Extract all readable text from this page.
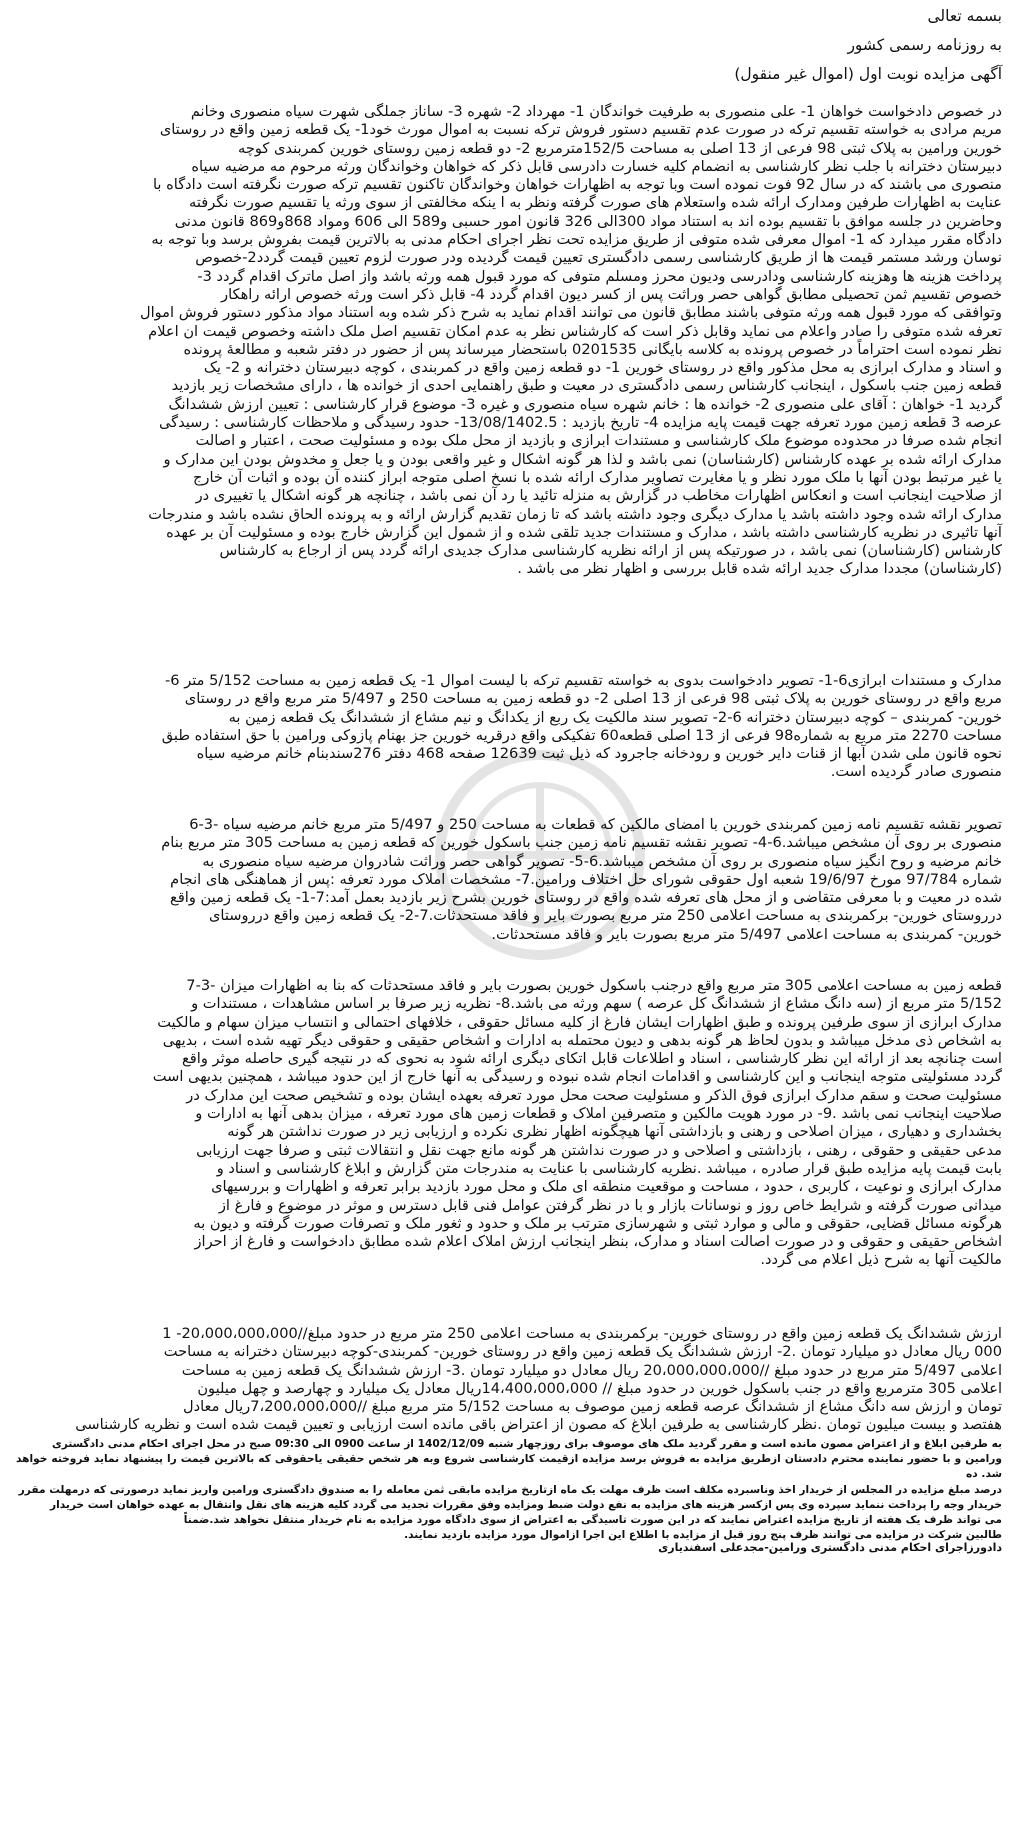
بسمه تعالی
به روزنامه رسمی کشور
آگهی مزایده نوبت اول (اموال غیر منقول)
در خصوص دادخواست خواهان 1- علی منصوری به طرفیت خواندگان 1- مهرداد 2- شهره 3- ساناز جملگی شهرت سیاه منصوری وخانم
مریم مرادی به خواسته تقسیم ترکه در صورت عدم تقسیم دستور فروش ترکه نسبت به اموال مورث خود1- یک قطعه زمین واقع در روستای
خورین ورامین به پلاک ثبتی 98 فرعی از 13 اصلی به مساحت 152/5مترمربع 2- دو قطعه زمین روستای خورین کمربندی کوچه
دبیرستان دخترانه با جلب نظر کارشناسی به انضمام کلیه خسارت دادرسی قابل ذکر که خواهان وخواندگان ورثه مرحوم مه مرضیه سیاه
منصوری می باشند که در سال 92 فوت نموده است وبا توجه به اظهارات خواهان وخواندگان تاکنون تقسیم ترکه صورت نگرفته است دادگاه با
عنایت به اظهارات طرفین ومدارک ارائه شده واستعلام های صورت گرفته ونظر به ا ینکه مخالفتی از سوی ورثه یا تقسیم صورت نگرفته
وحاضرین در جلسه موافق با تقسیم بوده اند به استناد مواد 300الی 326 قانون امور حسبی و589 الی 606 ومواد 868و869 قانون مدنی
دادگاه مقرر میدارد که 1- اموال معرفی شده متوفی از طریق مزایده تحت نظر اجرای احکام مدنی به بالاترین قیمت بفروش برسد وبا توجه به
نوسان ورشد مستمر قیمت ها از طریق کارشناسی رسمی دادگستری تعیین قیمت گردیده ودر صورت لزوم تعیین قیمت گردد2-خصوص
پرداخت هزینه ها وهزینه کارشناسی ودادرسی ودیون محرز ومسلم متوفی که مورد قبول همه ورثه باشد واز اصل ماترک اقدام گردد 3-
خصوص تقسیم ثمن تحصیلی مطابق گواهی حصر وراثت پس از کسر دیون اقدام گردد 4- قابل ذکر است ورثه خصوص ارائه راهکار
وتوافقی که مورد قبول همه ورثه متوفی باشند مطابق قانون می توانند اقدام نماید به شرح ذکر شده وبه استناد مواد مذکور دستور فروش اموال
تعرفه شده متوفی را صادر واعلام می نماید وقابل ذکر است که کارشناس نظر به عدم امکان تقسیم اصل ملک داشته وخصوص قیمت ان اعلام
نظر نموده است احتراماً در خصوص پرونده به کلاسه بایگانی 0201535 باستحضار میرساند پس از حضور در دفتر شعبه و مطالعهٔ پرونده
و اسناد و مدارک ابرازی به محل مذکور واقع در روستای خورین 1- دو قطعه زمین واقع در کمربندی ، کوچه دبیرستان دخترانه و 2- یک
قطعه زمین جنب باسکول ، اینجانب کارشناس رسمی دادگستری در معیت و طبق راهنمایی احدی از خوانده ها ، دارای مشخصات زیر بازدید
گردید 1- خواهان : آقای علی منصوری 2- خوانده ها : خانم شهره سیاه منصوری و غیره 3- موضوع قرار کارشناسی : تعیین ارزش ششدانگ
عرصه 3 قطعه زمین مورد تعرفه جهت قیمت پایه مزایده 4- تاریخ بازدید : 13/08/1402.5- حدود رسیدگی و ملاحظات کارشناسی : رسیدگی
انجام شده صرفا در محدوده موضوع ملک کارشناسی و مستندات ابرازی و بازدید از محل ملک بوده و مسئولیت صحت ، اعتبار و اصالت
مدارک ارائه شده بر عهده کارشناس (کارشناسان) نمی باشد و لذا هر گونه اشکال و غیر واقعی بودن و یا جعل و مخدوش بودن این مدارک و
یا غیر مرتبط بودن آنها با ملک مورد نظر و یا مغایرت تصاویر مدارک ارائه شده با نسخ اصلی متوجه ابراز کننده آن بوده و اثبات آن خارج
از صلاحیت اینجانب است و انعکاس اظهارات مخاطب در گزارش به منزله تائید یا رد آن نمی باشد ، چنانچه هر گونه اشکال یا تغییری در
مدارک ارائه شده وجود داشته باشد یا مدارک دیگری وجود داشته باشد که تا زمان تقدیم گزارش ارائه و به پرونده الحاق نشده باشد و مندرجات
آنها تاثیری در نظریه کارشناسی داشته باشد ، مدارک و مستندات جدید تلقی شده و از شمول این گزارش خارج بوده و مسئولیت آن بر عهده
کارشناس (کارشناسان) نمی باشد ، در صورتیکه پس از ارائه نظریه کارشناسی مدارک جدیدی ارائه گردد پس از ارجاع به کارشناس
(کارشناسان) مجددا مدارک جدید ارائه شده قابل بررسی و اظهار نظر می باشد .
مدارک و مستندات ابرازی6-1- تصویر دادخواست بدوی به خواسته تقسیم ترکه با لیست اموال 1- یک قطعه زمین به مساحت 5/152 متر 6-
مربع واقع در روستای خورین به پلاک ثبتی 98 فرعی از 13 اصلی 2- دو قطعه زمین به مساحت 250 و 5/497 متر مربع واقع در روستای
خورین- کمربندی – کوچه دبیرستان دخترانه 6-2- تصویر سند مالکیت یک ربع از یکدانگ و نیم مشاع از ششدانگ یک قطعه زمین به
مساحت 2270 متر مربع به شماره98 فرعی از 13 اصلی قطعه60 تفکیکی واقع درقریه خورین جز بهنام پازوکی ورامین با حق استفاده طبق
نحوه قانون ملی شدن آبها از قنات دایر خورین و رودخانه جاجرود که ذیل ثبت 12639 صفحه 468 دفتر 276سندبنام خانم مرضیه سیاه
منصوری صادر گردیده است.
تصویر نقشه تقسیم نامه زمین کمربندی خورین با امضای مالکین که قطعات به مساحت 250 و 5/497 متر مربع خانم مرضیه سیاه -3-6
منصوری بر روی آن مشخص میباشد.6-4- تصویر نقشه تقسیم نامه زمین جنب باسکول خورین که قطعه زمین به مساحت 305 متر مربع بنام
خانم مرضیه و روح انگیز سیاه منصوری بر روی آن مشخص میباشد.6-5- تصویر گواهی حصر وراثت شادروان مرضیه سیاه منصوری به
شماره 97/784 مورخ 19/6/97 شعبه اول حقوقی شورای حل اختلاف ورامین.7- مشخصات املاک مورد تعرفه :پس از هماهنگی های انجام
شده در معیت و با معرفی متقاضی و از محل های تعرفه شده واقع در روستای خورین بشرح زیر بازدید بعمل آمد:7-1- یک قطعه زمین واقع
درروستای خورین- برکمربندی به مساحت اعلامی 250 متر مربع بصورت بایر و فاقد مستحدثات.7-2- یک قطعه زمین واقع درروستای
خورین- کمربندی به مساحت اعلامی 5/497 متر مربع بصورت بایر و فاقد مستحدثات.
قطعه زمین به مساحت اعلامی 305 متر مربع واقع درجنب باسکول خورین بصورت بایر و فاقد مستحدثات که بنا به اظهارات میزان -3-7
5/152 متر مربع از (سه دانگ مشاع از ششدانگ کل عرصه ) سهم ورثه می باشد.8- نظریه زیر صرفا بر اساس مشاهدات ، مستندات و
مدارک ابرازی از سوی طرفین پرونده و طبق اظهارات ایشان فارغ از کلیه مسائل حقوقی ، خلافهای احتمالی و انتساب میزان سهام و مالکیت
به اشخاص ذی مدخل میباشد و بدون لحاظ هر گونه بدهی و دیون محتمله به ادارات و اشخاص حقیقی و حقوقی دیگر تهیه شده است ، بدیهی
است چنانچه بعد از ارائه این نظر کارشناسی ، اسناد و اطلاعات قابل اتکای دیگری ارائه شود به نحوی که در نتیجه گیری حاصله موثر واقع
گردد مسئولیتی متوجه اینجانب و این کارشناسی و اقدامات انجام شده نبوده و رسیدگی به آنها خارج از این حدود میباشد ، همچنین بدیهی است
مسئولیت صحت و سقم مدارک ابرازی فوق الذکر و مسئولیت صحت محل مورد تعرفه بعهده ایشان بوده و تشخیص صحت این مدارک در
صلاحیت اینجانب نمی باشد .9- در مورد هویت مالکین و متصرفین املاک و قطعات زمین های مورد تعرفه ، میزان بدهی آنها به ادارات و
بخشداری و دهیاری ، میزان اصلاحی و رهنی و بازداشتی آنها هیچگونه اظهار نظری نکرده و ارزیابی زیر در صورت نداشتن هر گونه
مدعی حقیقی و حقوقی ، رهنی ، بازداشتی و اصلاحی و در صورت نداشتن هر گونه مانع جهت نقل و انتقالات ثبتی و صرفا جهت ارزیابی
بابت قیمت پایه مزایده طبق قرار صادره ، میباشد .نظریه کارشناسی با عنایت به مندرجات متن گزارش و ابلاغ کارشناسی و اسناد و
مدارک ابرازی و نوعیت ، کاربری ، حدود ، مساحت و موقعیت منطقه ای ملک و محل مورد بازدید برابر تعرفه و اظهارات و بررسیهای
میدانی صورت گرفته و شرایط خاص روز و نوسانات بازار و با در نظر گرفتن عوامل فنی قابل دسترس و موثر در موضوع و فارغ از
هرگونه مسائل قضایی، حقوقی و مالی و موارد ثبتی و شهرسازی مترتب بر ملک و حدود و ثغور ملک و تصرفات صورت گرفته و دیون به
اشخاص حقیقی و حقوقی و در صورت اصالت اسناد و مدارک، بنظر اینجانب ارزش املاک اعلام شده مطابق دادخواست و فارغ از احراز
مالکیت آنها به شرح ذیل اعلام می گردد.
ارزش ششدانگ یک قطعه زمین واقع در روستای خورین- برکمربندی به مساحت اعلامی 250 متر مربع در حدود مبلغ//20،000،000،000- 1
000 ریال معادل دو میلیارد تومان .2- ارزش ششدانگ یک قطعه زمین واقع در روستای خورین- کمربندی-کوچه دبیرستان دخترانه به مساحت
اعلامی 5/497 متر مربع در حدود مبلغ //20،000،000،000 ریال معادل دو میلیارد تومان .3- ارزش ششدانگ یک قطعه زمین به مساحت
اعلامی 305 مترمربع واقع در جنب باسکول خورین در حدود مبلغ // 14،400،000،000ریال معادل یک میلیارد و چهارصد و چهل میلیون
تومان و ارزش سه دانگ مشاع از ششدانگ عرصه قطعه زمین موصوف به مساحت 5/152 متر مربع مبلغ //7،200،000،000ریال معادل
هفتصد و بیست میلیون تومان .نظر کارشناسی به طرفین ابلاغ که مصون از اعتراض باقی مانده است ارزیابی و تعیین قیمت شده است و نظریه کارشناسی
به طرفین ابلاغ و از اعتراض مصون مانده است و مقرر گردید ملک های موصوف برای روزچهار شنبه 1402/12/09 از ساعت 0900 الی 09:30 صبح در محل اجرای احکام مدنی دادگستری
ورامین و با حضور نماینده محترم دادستان ازطریق مزایده به فروش برسد مزایده ازقیمت کارشناسی شروع وبه هر شخص حقیقی یاحقوقی که بالاترین قیمت را پیشنهاد نماید فروخته خواهد شد. ده
درصد مبلغ مزایده در المجلس از خریدار اخذ وناسبرده مکلف است ظرف مهلت یک ماه ازتاریخ مزایده مابقی ثمن معامله را به صندوق دادگستری ورامین واریز نماید درصورتی که درمهلت مقرر
خریدار وجه را پرداخت ننماید سپرده وی پس ازکسر هزینه های مزایده به نفع دولت ضبط ومزایده وفق مقررات تجدید می گردد کلیه هزینه های نقل وانتقال به عهده خواهان است خریدار
می تواند ظرف یک هفته از تاریخ مزایده اعتراض نمایند که در این صورت تاسیدگی به اعتراض از سوی دادگاه مورد مزایده به نام خریدار منتقل نخواهد شد.ضمناً
طالبین شرکت در مزایده می توانند ظرف پنج روز قبل از مزایده با اطلاع این اجرا ازاموال مورد مزایده بازدید نمایند.
دادورزاجرای احکام مدنی دادگستری ورامین-مجدعلی اسفندیاری
